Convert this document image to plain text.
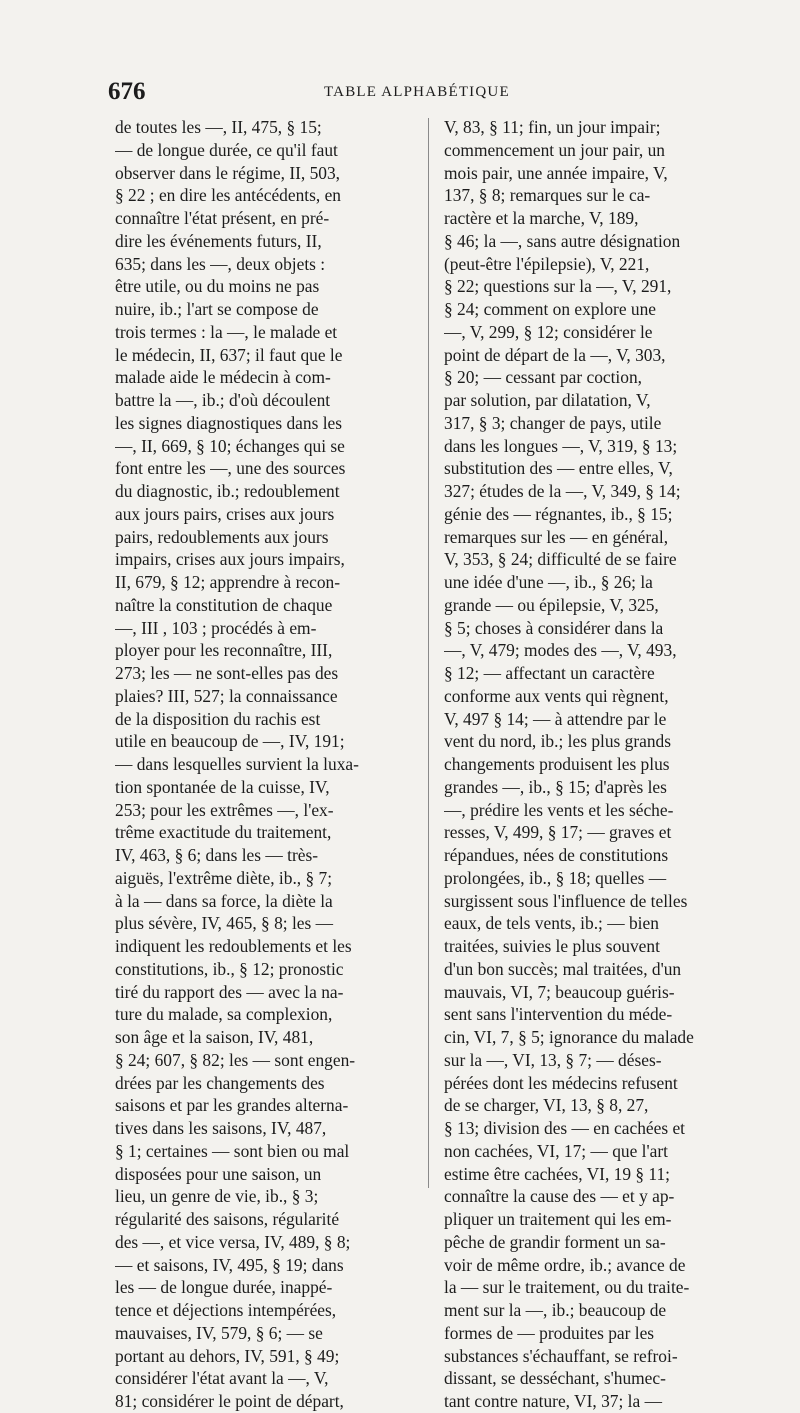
676	TABLE ALPHABÉTIQUE
de toutes les —, II, 475, § 15;
— de longue durée, ce qu'il faut
observer dans le régime, II, 503,
§ 22 ; en dire les antécédents, en
connaître l'état présent, en pré-
dire les événements futurs, II,
635; dans les —, deux objets :
être utile, ou du moins ne pas
nuire, ib.; l'art se compose de
trois termes : la —, le malade et
le médecin, II, 637; il faut que le
malade aide le médecin à com-
battre la —, ib.; d'où découlent
les signes diagnostiques dans les
—, II, 669, § 10; échanges qui se
font entre les —, une des sources
du diagnostic, ib.; redoublement
aux jours pairs, crises aux jours
pairs, redoublements aux jours
impairs, crises aux jours impairs,
II, 679, § 12; apprendre à recon-
naître la constitution de chaque
—, III , 103 ; procédés à em-
ployer pour les reconnaître, III,
273; les — ne sont-elles pas des
plaies? III, 527; la connaissance
de la disposition du rachis est
utile en beaucoup de —, IV, 191;
— dans lesquelles survient la luxa-
tion spontanée de la cuisse, IV,
253; pour les extrêmes —, l'ex-
trême exactitude du traitement,
IV, 463, § 6; dans les — très-
aiguës, l'extrême diète, ib., § 7;
à la — dans sa force, la diète la
plus sévère, IV, 465, § 8; les —
indiquent les redoublements et les
constitutions, ib., § 12; pronostic
tiré du rapport des — avec la na-
ture du malade, sa complexion,
son âge et la saison, IV, 481,
§ 24; 607, § 82; les — sont engen-
drées par les changements des
saisons et par les grandes alterna-
tives dans les saisons, IV, 487,
§ 1; certaines — sont bien ou mal
disposées pour une saison, un
lieu, un genre de vie, ib., § 3;
régularité des saisons, régularité
des —, et vice versa, IV, 489, § 8;
— et saisons, IV, 495, § 19; dans
les — de longue durée, inappé-
tence et déjections intempérées,
mauvaises, IV, 579, § 6; — se
portant au dehors, IV, 591, § 49;
considérer l'état avant la —, V,
81; considérer le point de départ,
V, 83, § 11; fin, un jour impair;
commencement un jour pair, un
mois pair, une année impaire, V,
137, § 8; remarques sur le ca-
ractère et la marche, V, 189,
§ 46; la —, sans autre désignation
(peut-être l'épilepsie), V, 221,
§ 22; questions sur la —, V, 291,
§ 24; comment on explore une
—, V, 299, § 12; considérer le
point de départ de la —, V, 303,
§ 20; — cessant par coction,
par solution, par dilatation, V,
317, § 3; changer de pays, utile
dans les longues —, V, 319, § 13;
substitution des — entre elles, V,
327; études de la —, V, 349, § 14;
génie des — régnantes, ib., § 15;
remarques sur les — en général,
V, 353, § 24; difficulté de se faire
une idée d'une —, ib., § 26; la
grande — ou épilepsie, V, 325,
§ 5; choses à considérer dans la
—, V, 479; modes des —, V, 493,
§ 12; — affectant un caractère
conforme aux vents qui règnent,
V, 497 § 14; — à attendre par le
vent du nord, ib.; les plus grands
changements produisent les plus
grandes —, ib., § 15; d'après les
—, prédire les vents et les séche-
resses, V, 499, § 17; — graves et
répandues, nées de constitutions
prolongées, ib., § 18; quelles —
surgissent sous l'influence de telles
eaux, de tels vents, ib.; — bien
traitées, suivies le plus souvent
d'un bon succès; mal traitées, d'un
mauvais, VI, 7; beaucoup guéris-
sent sans l'intervention du méde-
cin, VI, 7, § 5; ignorance du malade
sur la —, VI, 13, § 7; — déses-
pérées dont les médecins refusent
de se charger, VI, 13, § 8, 27,
§ 13; division des — en cachées et
non cachées, VI, 17; — que l'art
estime être cachées, VI, 19 § 11;
connaître la cause des — et y ap-
pliquer un traitement qui les em-
pêche de grandir forment un sa-
voir de même ordre, ib.; avance de
la — sur le traitement, ou du traite-
ment sur la —, ib.; beaucoup de
formes de — produites par les
substances s'échauffant, se refroi-
dissant, se desséchant, s'humec-
tant contre nature, VI, 37; la —
